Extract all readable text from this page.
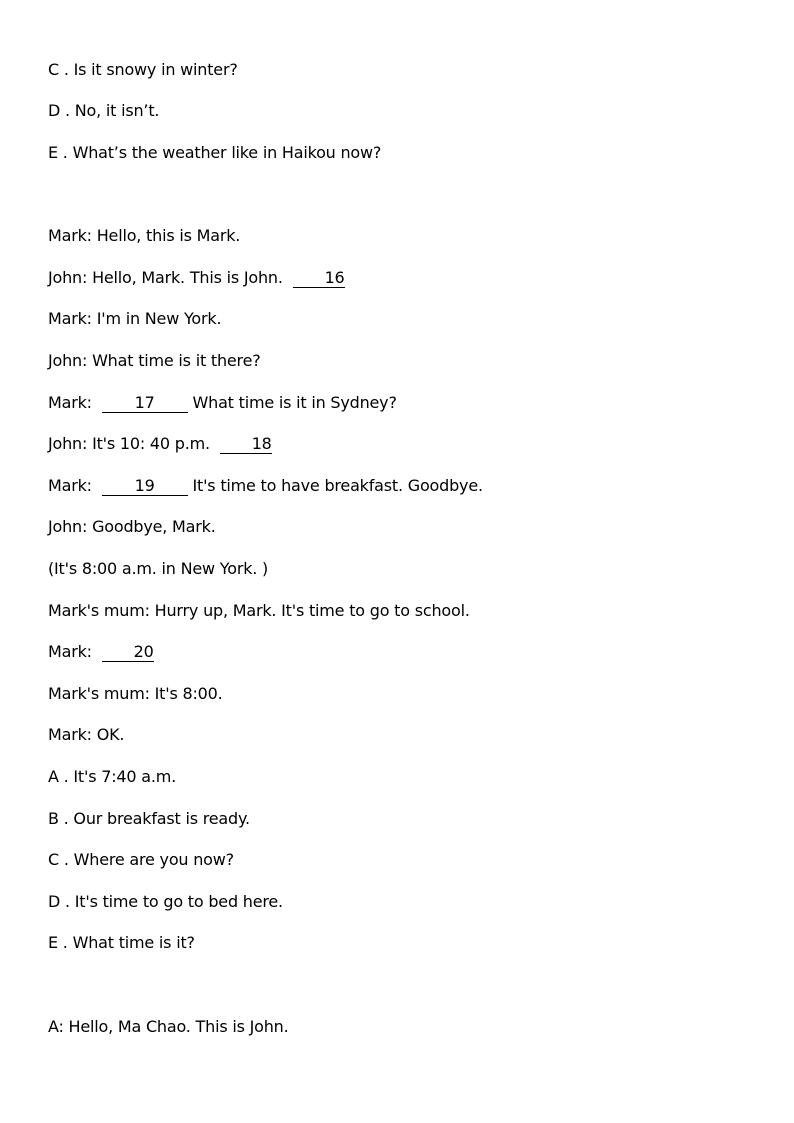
C . Is it snowy in winter?
D . No, it isn’t.
E . What’s the weather like in Haikou now?
Mark: Hello, this is Mark.
John: Hello, Mark. This is John.  16
Mark: I'm in New York.
John: What time is it there?
Mark:  17 What time is it in Sydney?
John: It's 10: 40 p.m.  18
Mark:  19 It's time to have breakfast. Goodbye.
John: Goodbye, Mark.
(It's 8:00 a.m. in New York. )
Mark's mum: Hurry up, Mark. It's time to go to school.
Mark:  20
Mark's mum: It's 8:00.
Mark: OK.
A . It's 7:40 a.m.
B . Our breakfast is ready.
C . Where are you now?
D . It's time to go to bed here.
E . What time is it?
A: Hello, Ma Chao. This is John.
